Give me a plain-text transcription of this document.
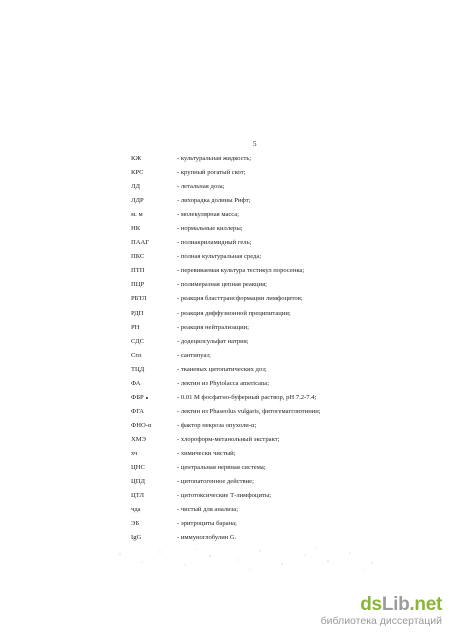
5
КЖ	- культуральная жидкость;
КРС	- крупный рогатый скот;
ЛД	- летальная доза;
ЛДР	- лихорадка долины Рифт;
м. м	- молекулярная масса;
НК	- нормальные киллеры;
ПААГ	- полиакриламидный гель;
ПКС	- полная культуральная среда;
ПТП	- перевиваемая культура тестикул поросенка;
ПЦР	- полимеразная цепная реакция;
РБТЛ	- реакция бласттрансформации лимфоцитов;
РДП	- реакция диффузионной преципитации;
РН	- реакция нейтрализации;
СДС	- додецилсульфат натрия;
Спз	- сантипуаз;
ТЦД	- тканевых цитопатических доз;
ФА	- лектин из Phytolacca americana;
ФБР	- 0.01 М фосфатно-буферный раствор, рН 7.2-7.4;
ФГА	- лектин из Phaseolus vulgaris, фитогемагглютинин;
ФНО-α	- фактор некроза опухоли-α;
ХМЭ	- хлороформ-метанольный экстракт;
хч	- химически чистый;
ЦНС	- центральная нервная система;
ЦПД	- цитопатогенное действие;
ЦТЛ	- цитотоксические Т-лимфоциты;
чда	- чистый для анализа;
ЭБ	- эритроциты барана;
IgG	- иммуноглобулин G.
dsLib.net
библиотека диссертаций
